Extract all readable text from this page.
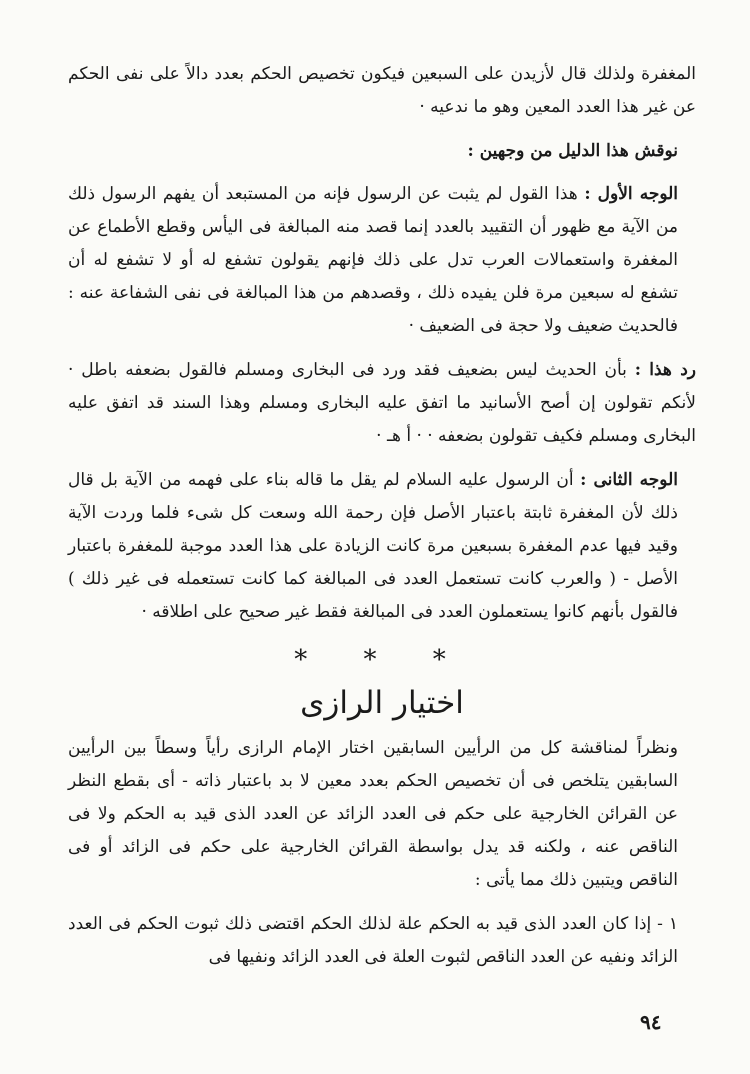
المغفرة ولذلك قال لأزيدن على السبعين فيكون تخصيص الحكم بعدد دالاً على نفى الحكم عن غير هذا العدد المعين وهو ما ندعيه ·

نوقش هذا الدليل من وجهين :

الوجه الأول : هذا القول لم يثبت عن الرسول فإنه من المستبعد أن يفهم الرسول ذلك من الآية مع ظهور أن التقييد بالعدد إنما قصد منه المبالغة فى اليأس وقطع الأطماع عن المغفرة واستعمالات العرب تدل على ذلك فإنهم يقولون تشفع له أو لا تشفع له أن تشفع له سبعين مرة فلن يفيده ذلك ، وقصدهم من هذا المبالغة فى نفى الشفاعة عنه : فالحديث ضعيف ولا حجة فى الضعيف ·

رد هذا : بأن الحديث ليس بضعيف فقد ورد فى البخارى ومسلم فالقول بضعفه باطل · لأنكم تقولون إن أصح الأسانيد ما اتفق عليه البخارى ومسلم وهذا السند قد اتفق عليه البخارى ومسلم فكيف تقولون بضعفه · · أ هـ ·

الوجه الثانى : أن الرسول عليه السلام لم يقل ما قاله بناء على فهمه من الآية بل قال ذلك لأن المغفرة ثابتة باعتبار الأصل فإن رحمة الله وسعت كل شىء فلما وردت الآية وقيد فيها عدم المغفرة بسبعين مرة كانت الزيادة على هذا العدد موجبة للمغفرة باعتبار الأصل - ( والعرب كانت تستعمل العدد فى المبالغة كما كانت تستعمله فى غير ذلك ) فالقول بأنهم كانوا يستعملون العدد فى المبالغة فقط غير صحيح على اطلاقه ·

* * *
اختيار الرازى

ونظراً لمناقشة كل من الرأيين السابقين اختار الإمام الرازى رأياً وسطاً بين الرأيين السابقين يتلخص فى أن تخصيص الحكم بعدد معين لا بد باعتبار ذاته - أى بقطع النظر عن القرائن الخارجية على حكم فى العدد الزائد عن العدد الذى قيد به الحكم ولا فى الناقص عنه ، ولكنه قد يدل بواسطة القرائن الخارجية على حكم فى الزائد أو فى الناقص ويتبين ذلك مما يأتى :

١ - إذا كان العدد الذى قيد به الحكم علة لذلك الحكم اقتضى ذلك ثبوت الحكم فى العدد الزائد ونفيه عن العدد الناقص لثبوت العلة فى العدد الزائد ونفيها فى

٩٤
